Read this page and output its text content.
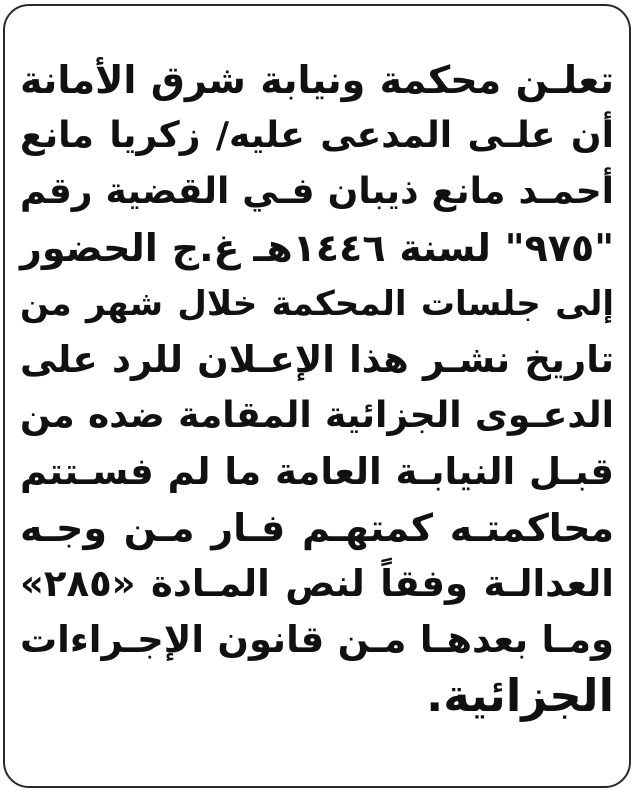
تعلـن محكمة ونيابة شرق الأمانة
أن علـى المدعى عليه/ زكريا مانع
أحمـد مانع ذيبان فـي القضية رقم
"٩٧٥" لسنة ١٤٤٦هـ غ.ج الحضور
إلى جلسات المحكمة خلال شهر من
تاريخ نشـر هذا الإعـلان للرد على
الدعـوى الجزائية المقامة ضده من
قبـل النيابـة العامة ما لم فسـتتم
محاكمتـه كمتهـم فـار مـن وجـه
العدالـة وفقاً لنص المـادة «٢٨٥»
ومـا بعدهـا مـن قانون الإجـراءات
الجزائية.
